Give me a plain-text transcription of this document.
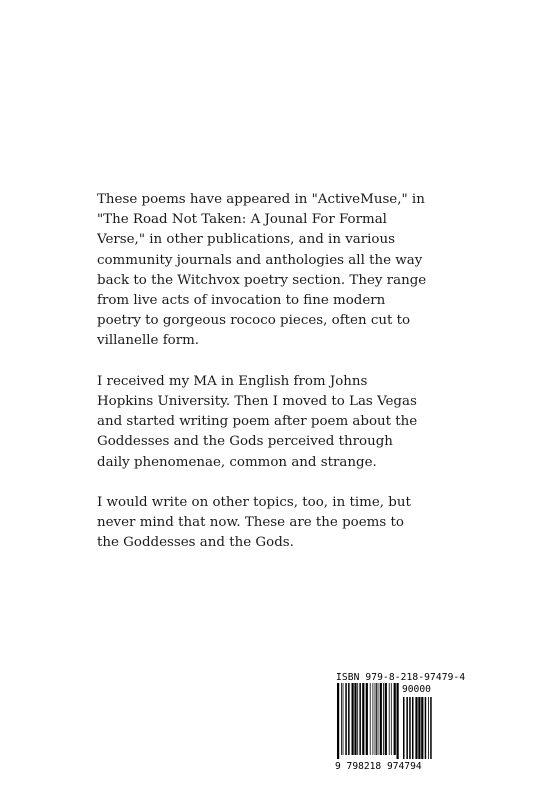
These poems have appeared in "ActiveMuse," in "The Road Not Taken: A Jounal For Formal Verse," in other publications, and in various community journals and anthologies all the way back to the Witchvox poetry section. They range from live acts of invocation to fine modern poetry to gorgeous rococo pieces, often cut to villanelle form.

I received my MA in English from Johns Hopkins University. Then I moved to Las Vegas and started writing poem after poem about the Goddesses and the Gods perceived through daily phenomenae, common and strange.

I would write on other topics, too, in time, but never mind that now. These are the poems to the Goddesses and the Gods.

ISBN 979-8-218-97479-4
90000
9 798218 974794
